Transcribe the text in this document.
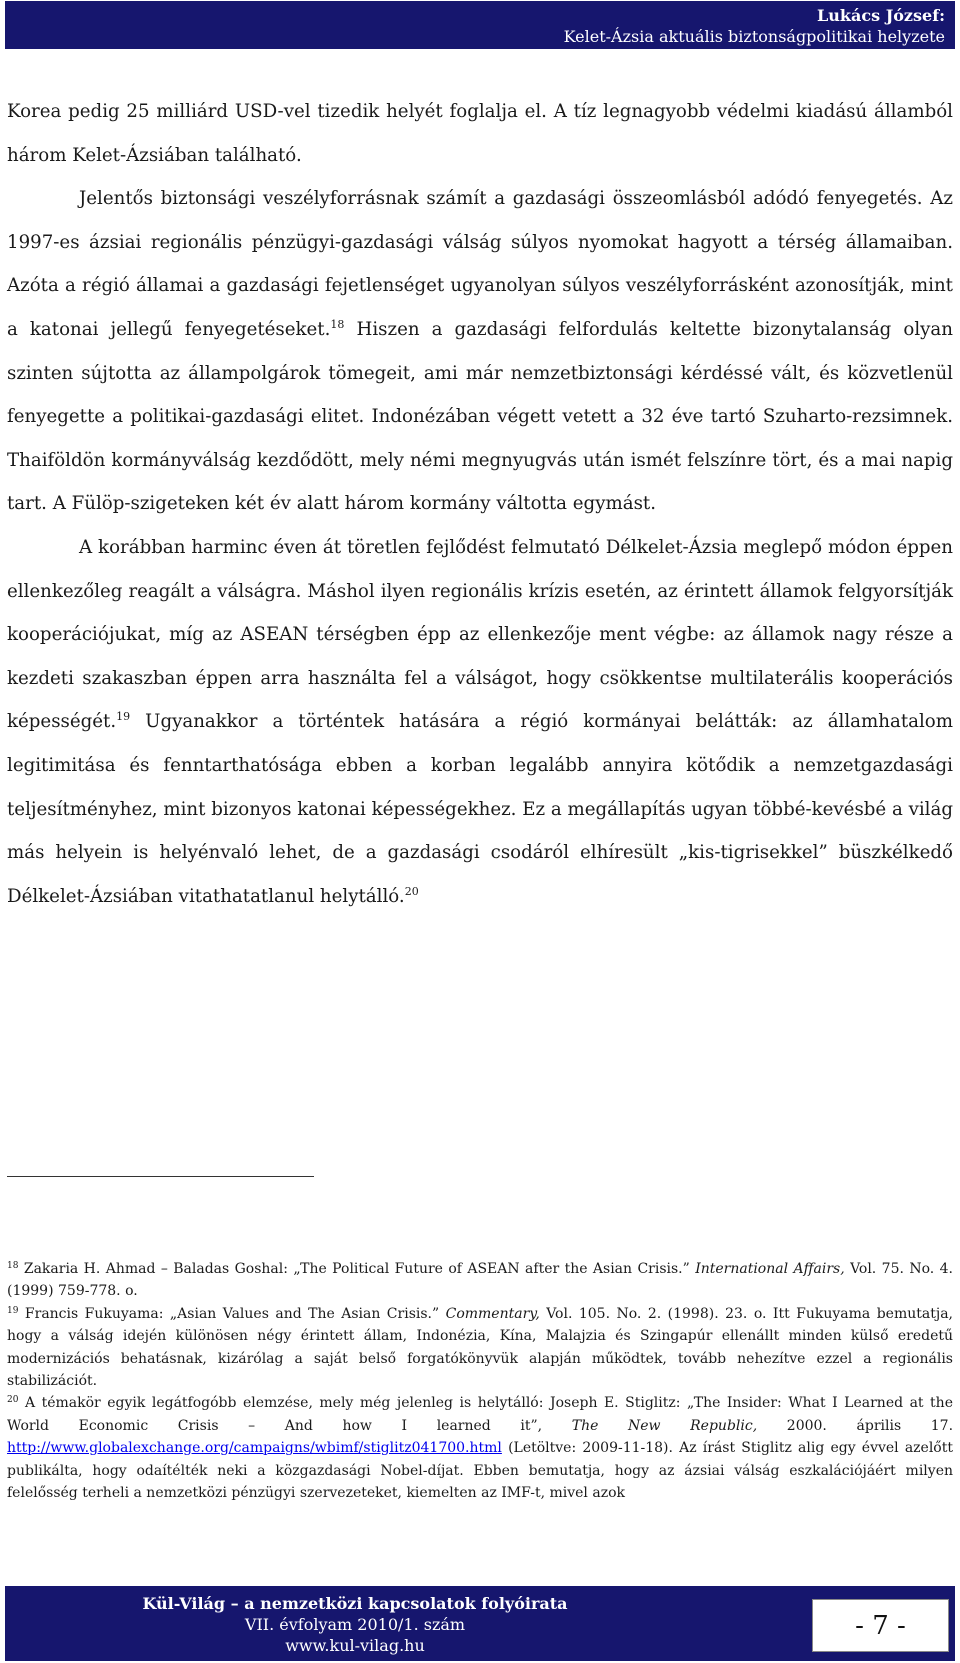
Lukács József:
Kelet-Ázsia aktuális biztonságpolitikai helyzete

Korea pedig 25 milliárd USD-vel tizedik helyét foglalja el. A tíz legnagyobb védelmi kiadású államból három Kelet-Ázsiában található.

Jelentős biztonsági veszélyforrásnak számít a gazdasági összeomlásból adódó fenyegetés. Az 1997-es ázsiai regionális pénzügyi-gazdasági válság súlyos nyomokat hagyott a térség államaiban. Azóta a régió államai a gazdasági fejetlenséget ugyanolyan súlyos veszélyforrásként azonosítják, mint a katonai jellegű fenyegetéseket.$^{18}$ Hiszen a gazdasági felfordulás keltette bizonytalanság olyan szinten sújtotta az állampolgárok tömegeit, ami már nemzetbiztonsági kérdéssé vált, és közvetlenül fenyegette a politikai-gazdasági elitet. Indonézában végett vetett a 32 éve tartó Szuharto-rezsimnek. Thaiföldön kormányválság kezdődött, mely némi megnyugvás után ismét felszínre tört, és a mai napig tart. A Fülöp-szigeteken két év alatt három kormány váltotta egymást.

A korábban harminc éven át töretlen fejlődést felmutató Délkelet-Ázsia meglepő módon éppen ellenkezőleg reagált a válságra. Máshol ilyen regionális krízis esetén, az érintett államok felgyorsítják kooperációjukat, míg az ASEAN térségben épp az ellenkezője ment végbe: az államok nagy része a kezdeti szakaszban éppen arra használta fel a válságot, hogy csökkentse multilaterális kooperációs képességét.$^{19}$ Ugyanakkor a történtek hatására a régió kormányai belátták: az államhatalom legitimitása és fenntarthatósága ebben a korban legalább annyira kötődik a nemzetgazdasági teljesítményhez, mint bizonyos katonai képességekhez. Ez a megállapítás ugyan többé-kevésbé a világ más helyein is helyénvaló lehet, de a gazdasági csodáról elhíresült „kis-tigrisekkel” büszkélkedő Délkelet-Ázsiában vitathatatlanul helytálló.$^{20}$

$^{18}$ Zakaria H. Ahmad – Baladas Goshal: „The Political Future of ASEAN after the Asian Crisis.” International Affairs, Vol. 75. No. 4. (1999) 759-778. o.

$^{19}$ Francis Fukuyama: „Asian Values and The Asian Crisis.” Commentary, Vol. 105. No. 2. (1998). 23. o. Itt Fukuyama bemutatja, hogy a válság idején különösen négy érintett állam, Indonézia, Kína, Malajzia és Szingapúr ellenállt minden külső eredetű modernizációs behatásnak, kizárólag a saját belső forgatókönyvük alapján működtek, tovább nehezítve ezzel a regionális stabilizációt.

$^{20}$ A témakör egyik legátfogóbb elemzése, mely még jelenleg is helytálló: Joseph E. Stiglitz: „The Insider: What I Learned at the World Economic Crisis – And how I learned it”, The New Republic, 2000. április 17. http://www.globalexchange.org/campaigns/wbimf/stiglitz041700.html (Letöltve: 2009-11-18). Az írást Stiglitz alig egy évvel azelőtt publikálta, hogy odaítélték neki a közgazdasági Nobel-díjat. Ebben bemutatja, hogy az ázsiai válság eszkalációjáért milyen felelősség terheli a nemzetközi pénzügyi szervezeteket, kiemelten az IMF-t, mivel azok

Kül-Világ – a nemzetközi kapcsolatok folyóirata
VII. évfolyam 2010/1. szám
www.kul-vilag.hu
- 7 -
